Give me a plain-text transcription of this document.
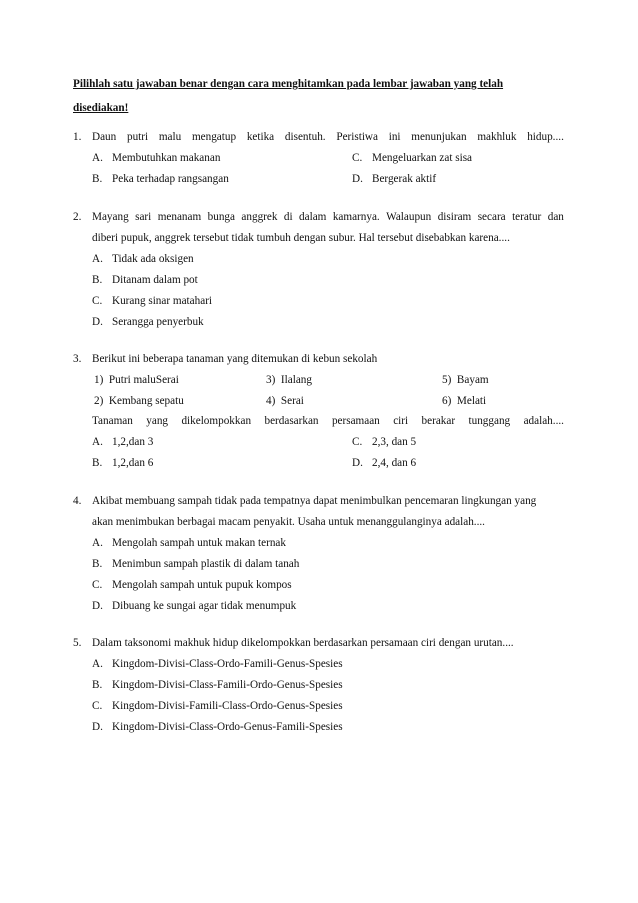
Pilihlah satu jawaban benar dengan cara menghitamkan pada lembar jawaban yang telah
disediakan!
1. Daun putri malu mengatup ketika disentuh. Peristiwa ini menunjukan makhluk hidup....
A. Membutuhkan makanan	C. Mengeluarkan zat sisa
B. Peka terhadap rangsangan	D. Bergerak aktif
2. Mayang sari menanam bunga anggrek di dalam kamarnya. Walaupun disiram secara teratur dan
diberi pupuk, anggrek tersebut tidak tumbuh dengan subur. Hal tersebut disebabkan karena....
A. Tidak ada oksigen
B. Ditanam dalam pot
C. Kurang sinar matahari
D. Serangga penyerbuk
3. Berikut ini beberapa tanaman yang ditemukan di kebun sekolah
1) Putri maluSerai	3) Ilalang	5) Bayam
2) Kembang sepatu	4) Serai	6) Melati
Tanaman yang dikelompokkan berdasarkan persamaan ciri berakar tunggang adalah....
A. 1,2,dan 3	C. 2,3, dan 5
B. 1,2,dan 6	D. 2,4, dan 6
4. Akibat membuang sampah tidak pada tempatnya dapat menimbulkan pencemaran lingkungan yang
akan menimbukan berbagai macam penyakit. Usaha untuk menanggulanginya adalah....
A. Mengolah sampah untuk makan ternak
B. Menimbun sampah plastik di dalam tanah
C. Mengolah sampah untuk pupuk kompos
D. Dibuang ke sungai agar tidak menumpuk
5. Dalam taksonomi makhuk hidup dikelompokkan berdasarkan persamaan ciri dengan urutan....
A. Kingdom-Divisi-Class-Ordo-Famili-Genus-Spesies
B. Kingdom-Divisi-Class-Famili-Ordo-Genus-Spesies
C. Kingdom-Divisi-Famili-Class-Ordo-Genus-Spesies
D. Kingdom-Divisi-Class-Ordo-Genus-Famili-Spesies
